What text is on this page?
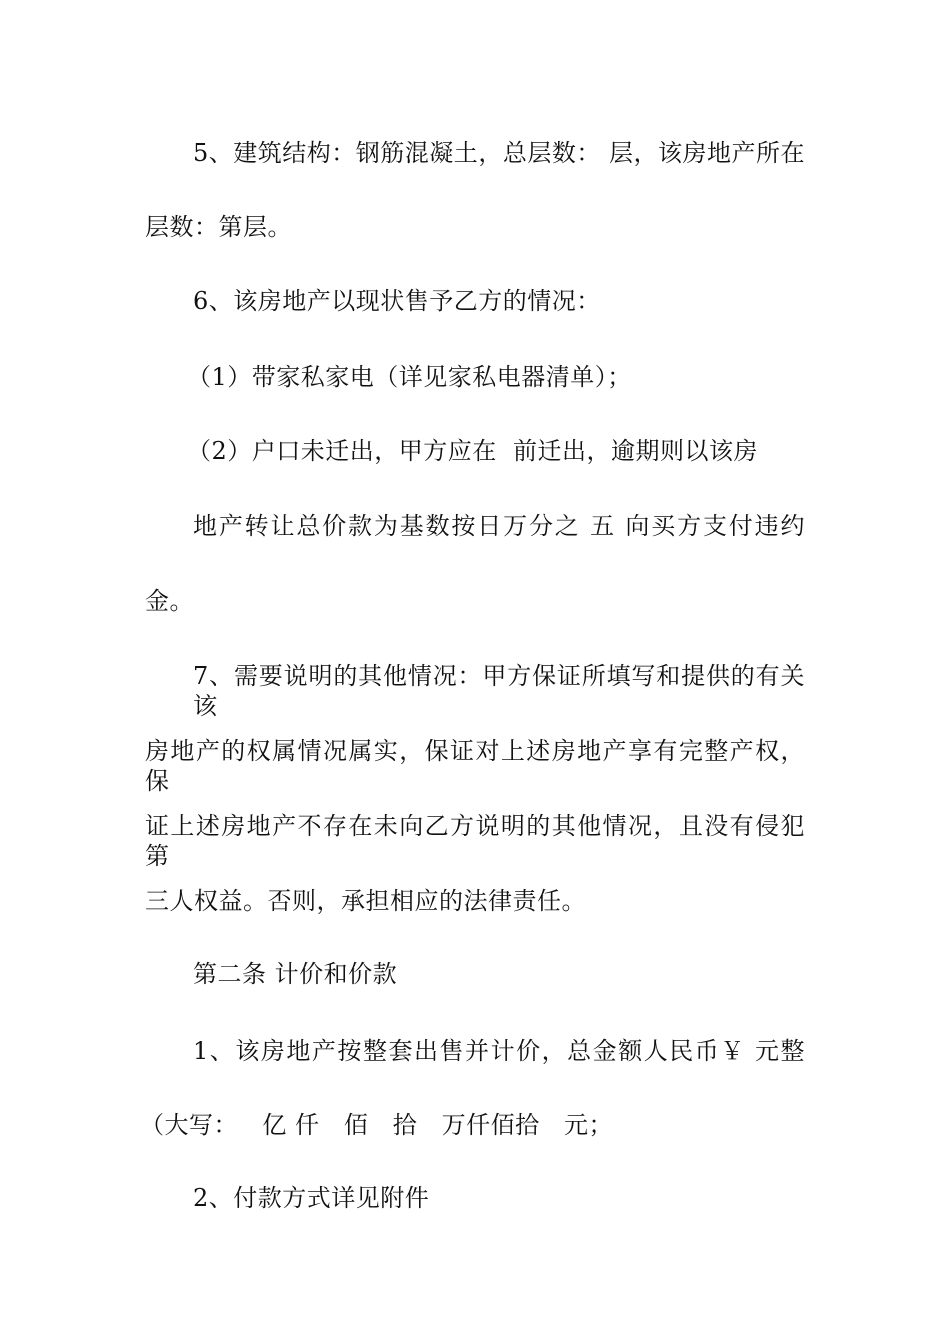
5、建筑结构：钢筋混凝土，总层数： 层，该房地产所在
层数：第层。
6、该房地产以现状售予乙方的情况：
（1）带家私家电（详见家私电器清单）；
（2）户口未迁出，甲方应在  前迁出，逾期则以该房
地产转让总价款为基数按日万分之 五 向买方支付违约
金。
7、需要说明的其他情况：甲方保证所填写和提供的有关该
房地产的权属情况属实，保证对上述房地产享有完整产权，保
证上述房地产不存在未向乙方说明的其他情况，且没有侵犯第
三人权益。否则，承担相应的法律责任。
第二条 计价和价款
1、该房地产按整套出售并计价，总金额人民币￥ 元整
（大写：   亿 仟   佰   拾   万仟佰拾   元；
2、付款方式详见附件
